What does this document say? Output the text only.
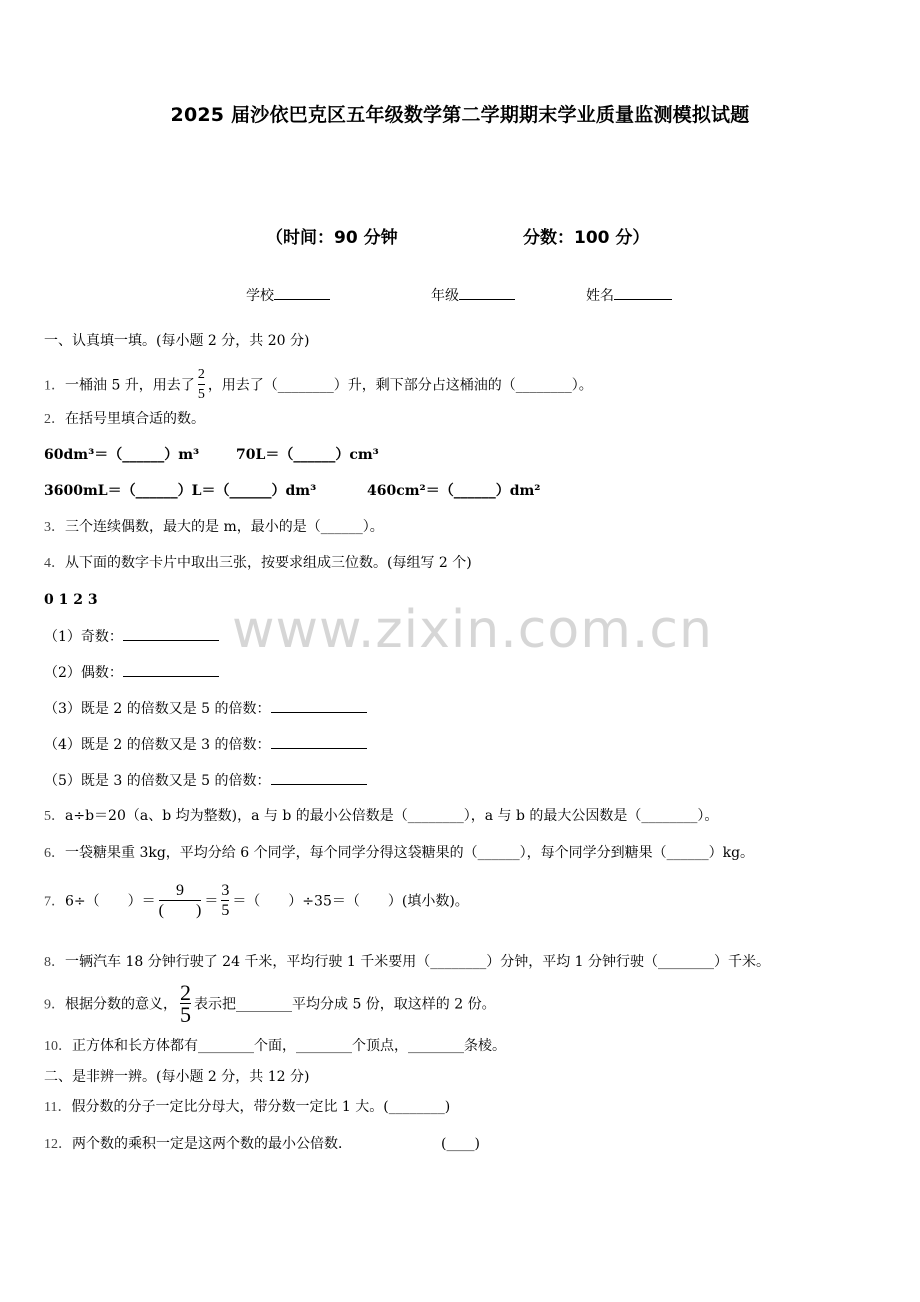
2025 届沙依巴克区五年级数学第二学期期末学业质量监测模拟试题
（时间：90 分钟	分数：100 分）
学校	年级	姓名
www.zixin.com.cn
一、认真填一填。(每小题 2 分，共 20 分)
1．一桶油 5 升，用去了 $\frac{2}{5}$ ，用去了（________）升，剩下部分占这桶油的（________）。
2．在括号里填合适的数。
60dm³＝（______）m³	70L＝（______）cm³
3600mL＝（______）L＝（______）dm³	460cm²＝（______）dm²
3．三个连续偶数，最大的是 m，最小的是（______）。
4．从下面的数字卡片中取出三张，按要求组成三位数。(每组写 2 个)
0 1 2 3
（1）奇数：
（2）偶数：
（3）既是 2 的倍数又是 5 的倍数：
（4）既是 2 的倍数又是 3 的倍数：
（5）既是 3 的倍数又是 5 的倍数：
5．a÷b＝20（a、b 均为整数)，a 与 b 的最小公倍数是（________），a 与 b 的最大公因数是（________）。
6．一袋糖果重 3kg，平均分给 6 个同学，每个同学分得这袋糖果的（______），每个同学分到糖果（______）kg。
7．6÷（　　）＝ $\frac{9}{( )} = \frac{3}{5}$ ＝（　　）÷35＝（　　）(填小数)。
8．一辆汽车 18 分钟行驶了 24 千米，平均行驶 1 千米要用（________）分钟，平均 1 分钟行驶（________）千米。
9．根据分数的意义， $\frac{2}{5}$ 表示把________平均分成 5 份，取这样的 2 份。
10．正方体和长方体都有________个面，________个顶点，________条棱。
二、是非辨一辨。(每小题 2 分，共 12 分)
11．假分数的分子一定比分母大，带分数一定比 1 大。(________)
12．两个数的乘积一定是这两个数的最小公倍数．	(____)
